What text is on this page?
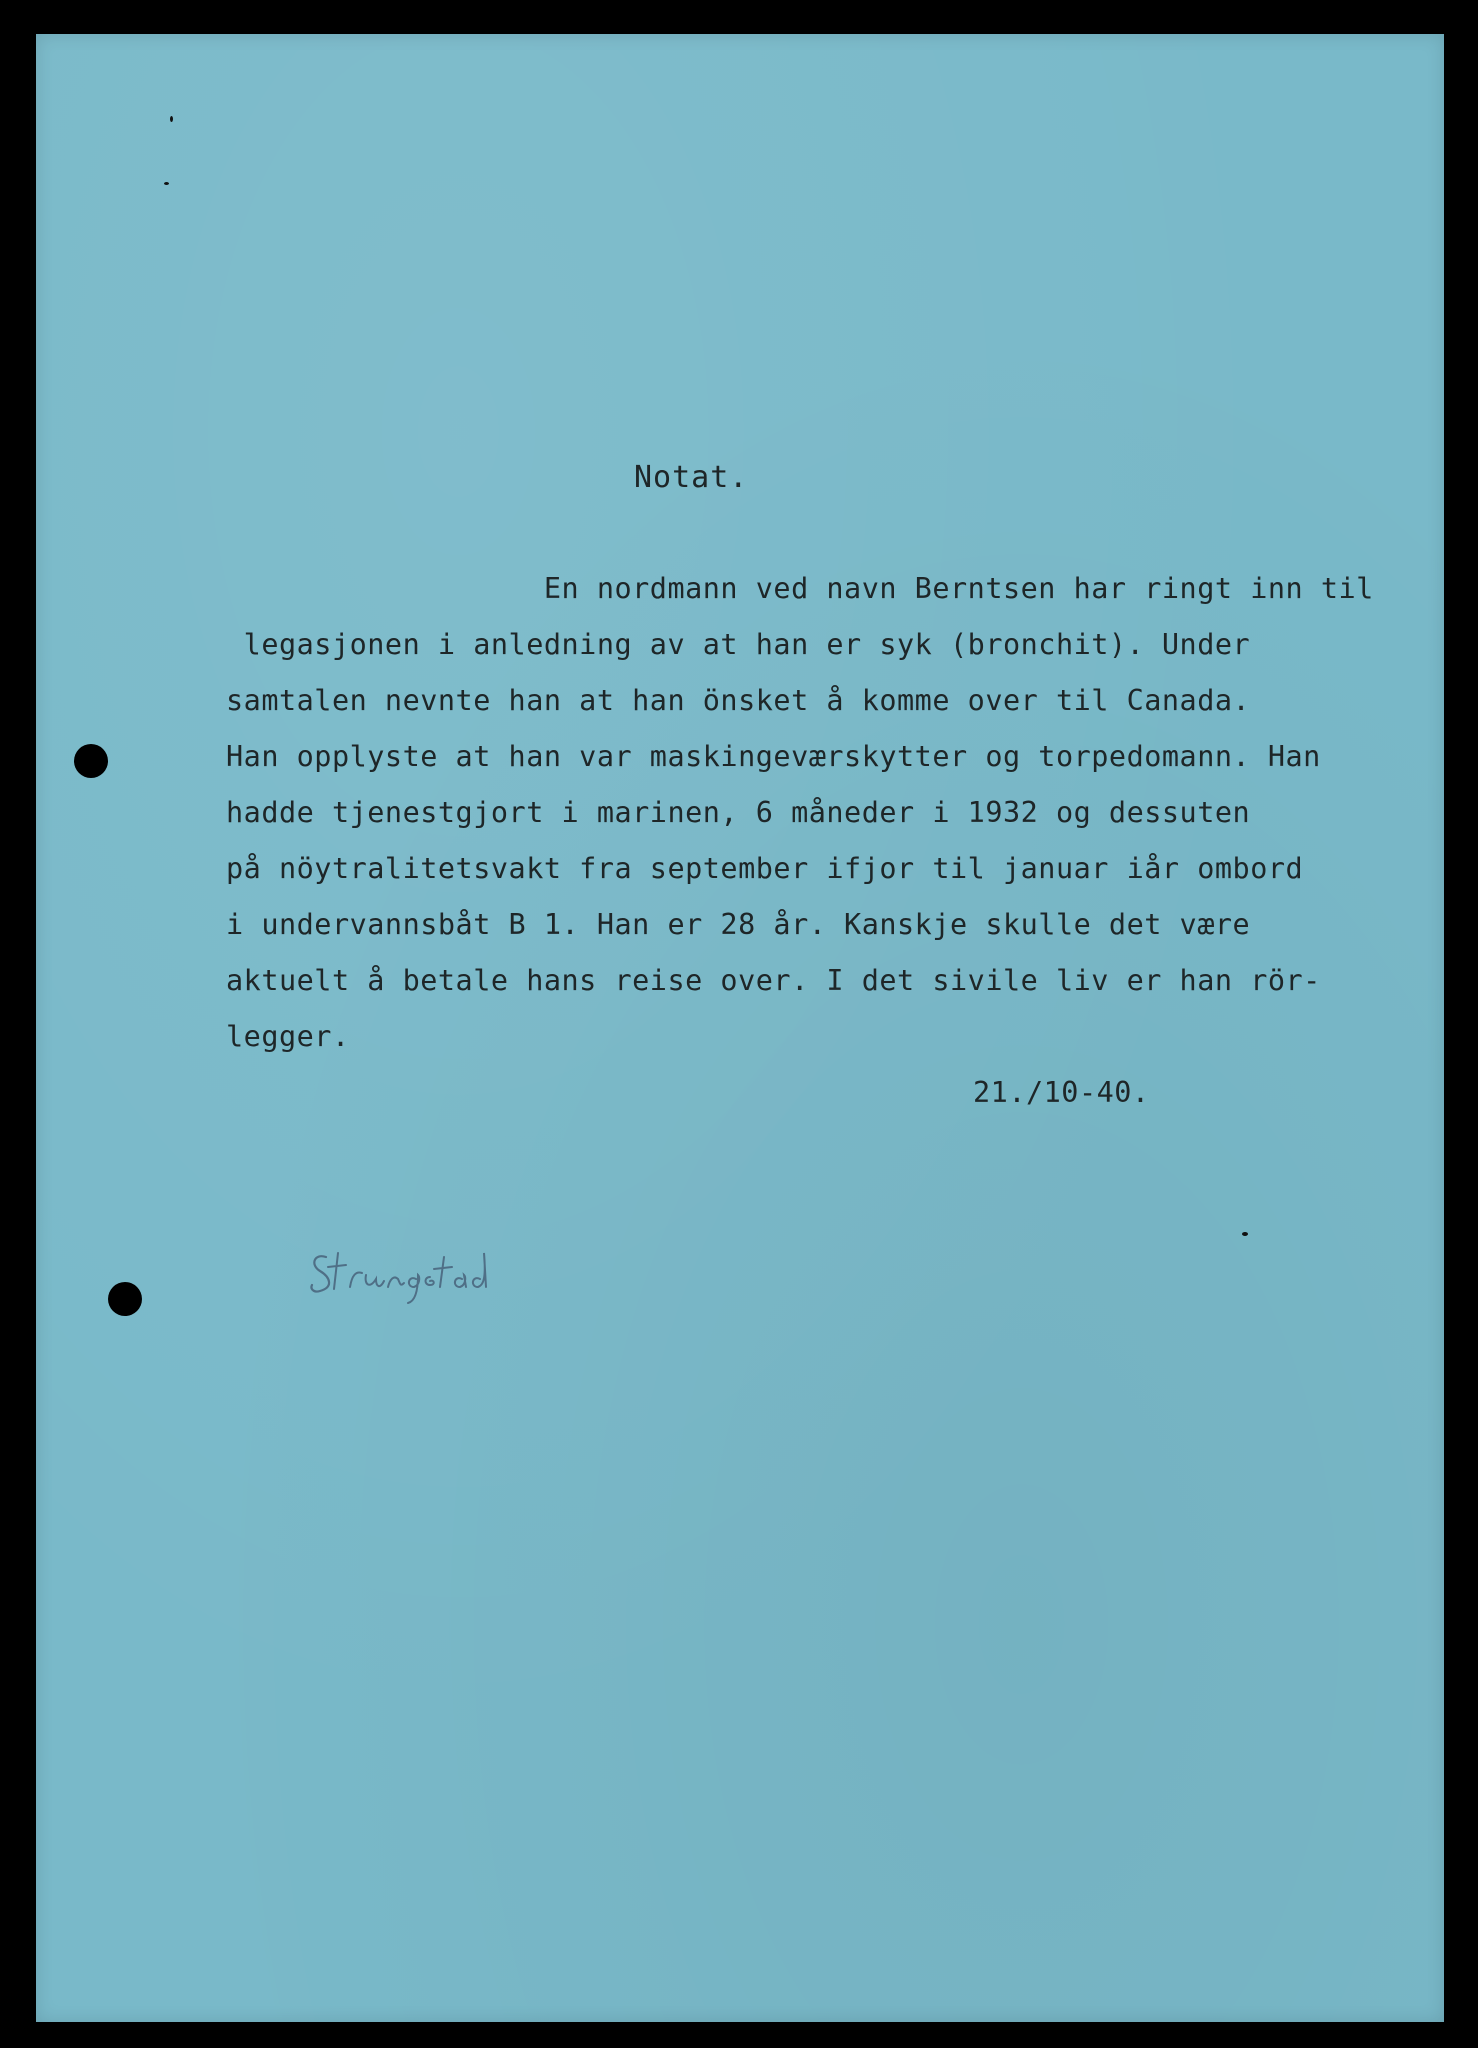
Notat.
En nordmann ved navn Berntsen har ringt inn til
legasjonen i anledning av at han er syk (bronchit). Under
samtalen nevnte han at han önsket å komme over til Canada.
Han opplyste at han var maskingeværskytter og torpedomann. Han
hadde tjenestgjort i marinen, 6 måneder i 1932 og dessuten
på nöytralitetsvakt fra september ifjor til januar iår ombord
i undervannsbåt B 1. Han er 28 år. Kanskje skulle det være
aktuelt å betale hans reise over. I det sivile liv er han rör-
legger.
21./10-40.
